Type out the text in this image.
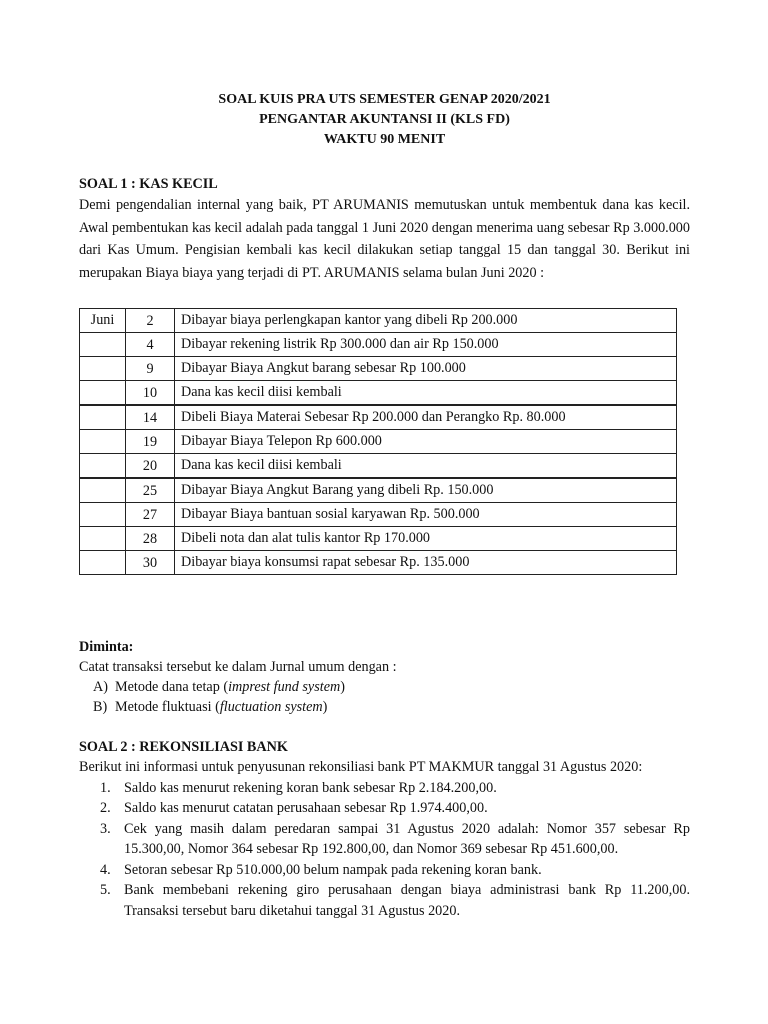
SOAL KUIS PRA UTS SEMESTER GENAP 2020/2021
PENGANTAR AKUNTANSI II (KLS FD)
WAKTU 90 MENIT
SOAL 1 : KAS KECIL

Demi pengendalian internal yang baik, PT ARUMANIS memutuskan untuk membentuk dana kas kecil. Awal pembentukan kas kecil adalah pada tanggal 1 Juni 2020 dengan menerima uang sebesar Rp 3.000.000 dari Kas Umum. Pengisian kembali kas kecil dilakukan setiap tanggal 15 dan tanggal 30. Berikut ini merupakan Biaya biaya yang terjadi di PT. ARUMANIS selama bulan Juni 2020 :

Juni	2	Dibayar biaya perlengkapan kantor yang dibeli Rp 200.000
	4	Dibayar rekening listrik Rp 300.000 dan air Rp 150.000
	9	Dibayar Biaya Angkut barang sebesar Rp 100.000
	10	Dana kas kecil diisi kembali
	14	Dibeli Biaya Materai Sebesar Rp 200.000 dan Perangko Rp. 80.000
	19	Dibayar Biaya Telepon Rp 600.000
	20	Dana kas kecil diisi kembali
	25	Dibayar Biaya Angkut Barang yang dibeli Rp. 150.000
	27	Dibayar Biaya bantuan sosial karyawan Rp. 500.000
	28	Dibeli nota dan alat tulis kantor Rp 170.000
	30	Dibayar biaya konsumsi rapat sebesar Rp. 135.000
Diminta:
Catat transaksi tersebut ke dalam Jurnal umum dengan :
A) Metode dana tetap (imprest fund system)
B) Metode fluktuasi (fluctuation system)
SOAL 2 : REKONSILIASI BANK
Berikut ini informasi untuk penyusunan rekonsiliasi bank PT MAKMUR tanggal 31 Agustus 2020:
1. Saldo kas menurut rekening koran bank sebesar Rp 2.184.200,00.
2. Saldo kas menurut catatan perusahaan sebesar Rp 1.974.400,00.
3. Cek yang masih dalam peredaran sampai 31 Agustus 2020 adalah: Nomor 357 sebesar Rp 15.300,00, Nomor 364 sebesar Rp 192.800,00, dan Nomor 369 sebesar Rp 451.600,00.
4. Setoran sebesar Rp 510.000,00 belum nampak pada rekening koran bank.
5. Bank membebani rekening giro perusahaan dengan biaya administrasi bank Rp 11.200,00. Transaksi tersebut baru diketahui tanggal 31 Agustus 2020.
